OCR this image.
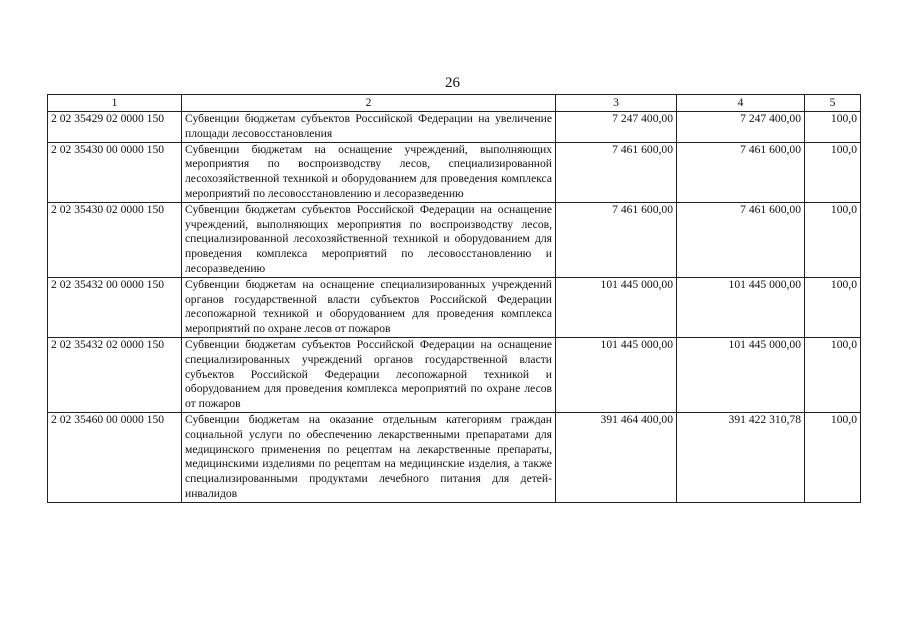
26
1	2	3	4	5
2 02 35429 02 0000 150	Субвенции бюджетам субъектов Российской Федерации на увеличение площади лесовосстановления	7 247 400,00	7 247 400,00	100,0
2 02 35430 00 0000 150	Субвенции бюджетам на оснащение учреждений, выполняющих мероприятия по воспроизводству лесов, специализированной лесохозяйственной техникой и оборудованием для проведения комплекса мероприятий по лесовосстановлению и лесоразведению	7 461 600,00	7 461 600,00	100,0
2 02 35430 02 0000 150	Субвенции бюджетам субъектов Российской Федерации на оснащение учреждений, выполняющих мероприятия по воспроизводству лесов, специализированной лесохозяйственной техникой и оборудованием для проведения комплекса мероприятий по лесовосстановлению и лесоразведению	7 461 600,00	7 461 600,00	100,0
2 02 35432 00 0000 150	Субвенции бюджетам на оснащение специализированных учреждений органов государственной власти субъектов Российской Федерации лесопожарной техникой и оборудованием для проведения комплекса мероприятий по охране лесов от пожаров	101 445 000,00	101 445 000,00	100,0
2 02 35432 02 0000 150	Субвенции бюджетам субъектов Российской Федерации на оснащение специализированных учреждений органов государственной власти субъектов Российской Федерации лесопожарной техникой и оборудованием для проведения комплекса мероприятий по охране лесов от пожаров	101 445 000,00	101 445 000,00	100,0
2 02 35460 00 0000 150	Субвенции бюджетам на оказание отдельным категориям граждан социальной услуги по обеспечению лекарственными препаратами для медицинского применения по рецептам на лекарственные препараты, медицинскими изделиями по рецептам на медицинские изделия, а также специализированными продуктами лечебного питания для детей-инвалидов	391 464 400,00	391 422 310,78	100,0
